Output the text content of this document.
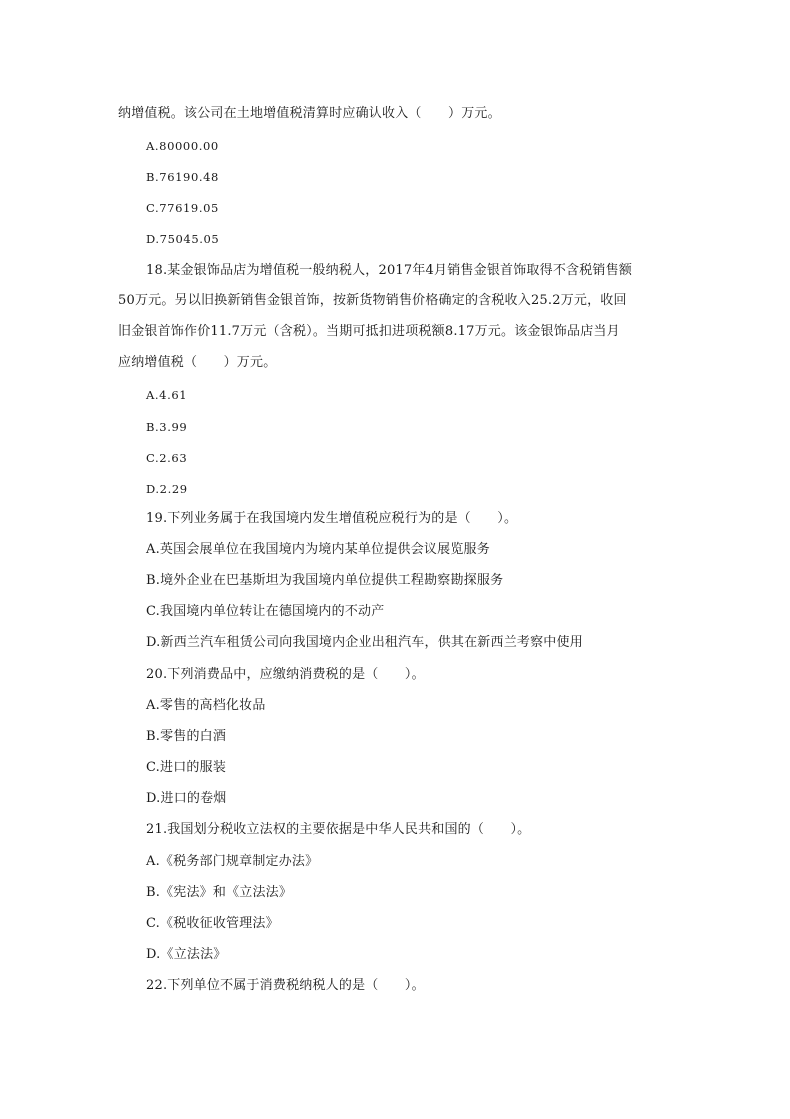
纳增值税。该公司在土地增值税清算时应确认收入（　　）万元。
A.80000.00
B.76190.48
C.77619.05
D.75045.05
18.某金银饰品店为增值税一般纳税人，2017年4月销售金银首饰取得不含税销售额
50万元。另以旧换新销售金银首饰，按新货物销售价格确定的含税收入25.2万元，收回
旧金银首饰作价11.7万元（含税）。当期可抵扣进项税额8.17万元。该金银饰品店当月
应纳增值税（　　）万元。
A.4.61
B.3.99
C.2.63
D.2.29
19.下列业务属于在我国境内发生增值税应税行为的是（　　）。
A.英国会展单位在我国境内为境内某单位提供会议展览服务
B.境外企业在巴基斯坦为我国境内单位提供工程勘察勘探服务
C.我国境内单位转让在德国境内的不动产
D.新西兰汽车租赁公司向我国境内企业出租汽车，供其在新西兰考察中使用
20.下列消费品中，应缴纳消费税的是（　　）。
A.零售的高档化妆品
B.零售的白酒
C.进口的服装
D.进口的卷烟
21.我国划分税收立法权的主要依据是中华人民共和国的（　　）。
A.《税务部门规章制定办法》
B.《宪法》和《立法法》
C.《税收征收管理法》
D.《立法法》
22.下列单位不属于消费税纳税人的是（　　）。
